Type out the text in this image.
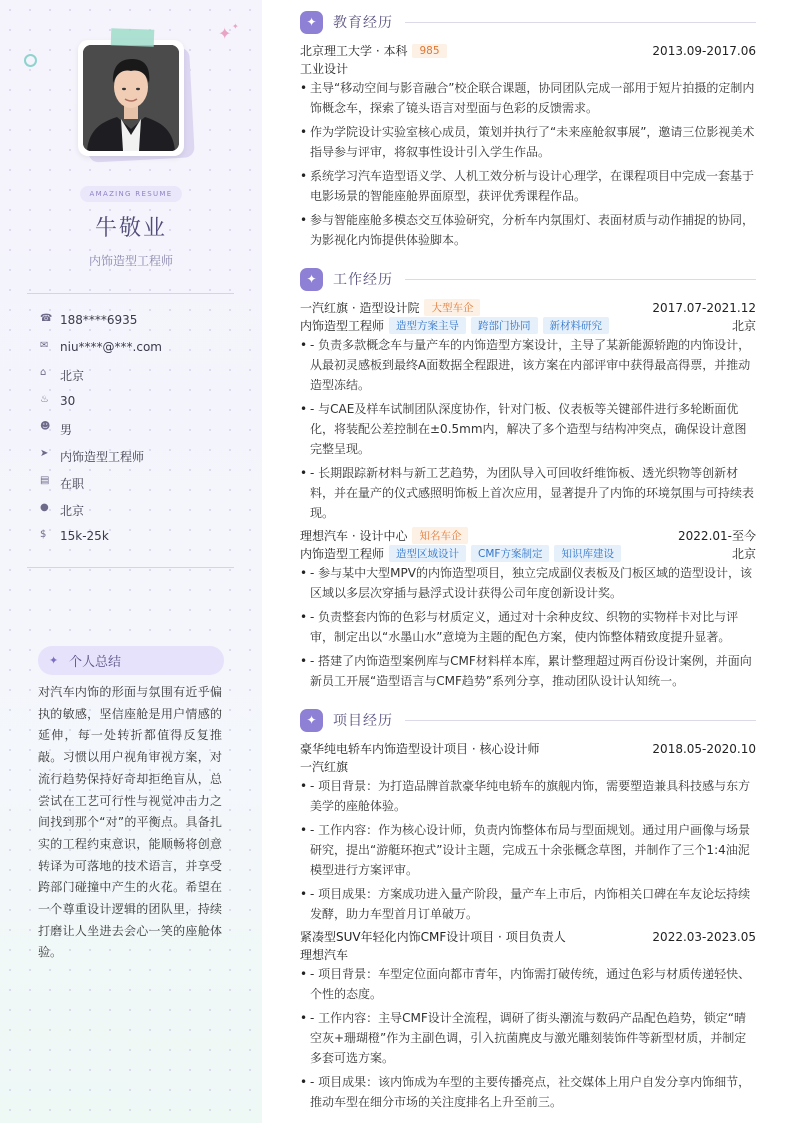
✦ ✦
AMAZING RESUME
牛敬业
内饰造型工程师
☎ 188****6935
✉ niu****@***.com
⌂	北京
♨ 30
☻ 男
➤ 内饰造型工程师
▤ 在职
● 北京
$	15k-25k
✦ 个人总结

对汽车内饰的形面与氛围有近乎偏执的敏感，坚信座舱是用户情感的延伸，每一处转折都值得反复推敲。习惯以用户视角审视方案，对流行趋势保持好奇却拒绝盲从，总尝试在工艺可行性与视觉冲击力之间找到那个“对”的平衡点。具备扎实的工程约束意识，能顺畅将创意转译为可落地的技术语言，并享受跨部门碰撞中产生的火花。希望在一个尊重设计逻辑的团队里，持续打磨让人坐进去会心一笑的座舱体验。

✦	教育经历
北京理工大学 · 本科	985	2013.09-2017.06
工业设计
• 主导“移动空间与影音融合”校企联合课题，协同团队完成一部用于短片拍摄的定制内饰概念车，探索了镜头语言对型面与色彩的反馈需求。
• 作为学院设计实验室核心成员，策划并执行了“未来座舱叙事展”，邀请三位影视美术指导参与评审，将叙事性设计引入学生作品。
• 系统学习汽车造型语义学、人机工效分析与设计心理学，在课程项目中完成一套基于电影场景的智能座舱界面原型，获评优秀课程作品。
• 参与智能座舱多模态交互体验研究，分析车内氛围灯、表面材质与动作捕捉的协同，为影视化内饰提供体验脚本。
✦	工作经历
一汽红旗 · 造型设计院	大型车企	2017.07-2021.12
内饰造型工程师	造型方案主导	跨部门协同	新材料研究	北京
• - 负责多款概念车与量产车的内饰造型方案设计，主导了某新能源轿跑的内饰设计，从最初灵感板到最终A面数据全程跟进，该方案在内部评审中获得最高得票，并推动造型冻结。
• - 与CAE及样车试制团队深度协作，针对门板、仪表板等关键部件进行多轮断面优化，将装配公差控制在±0.5mm内，解决了多个造型与结构冲突点，确保设计意图完整呈现。
• - 长期跟踪新材料与新工艺趋势，为团队导入可回收纤维饰板、透光织物等创新材料，并在量产的仪式感照明饰板上首次应用，显著提升了内饰的环境氛围与可持续表现。
理想汽车 · 设计中心	知名车企	2022.01-至今
内饰造型工程师	造型区域设计	CMF方案制定	知识库建设	北京
• - 参与某中大型MPV的内饰造型项目，独立完成副仪表板及门板区域的造型设计，该区域以多层次穿插与悬浮式设计获得公司年度创新设计奖。
• - 负责整套内饰的色彩与材质定义，通过对十余种皮纹、织物的实物样卡对比与评审，制定出以“水墨山水”意境为主题的配色方案，使内饰整体精致度提升显著。
• - 搭建了内饰造型案例库与CMF材料样本库，累计整理超过两百份设计案例，并面向新员工开展“造型语言与CMF趋势”系列分享，推动团队设计认知统一。
✦	项目经历
豪华纯电轿车内饰造型设计项目 · 核心设计师	2018.05-2020.10
一汽红旗
• - 项目背景：为打造品牌首款豪华纯电轿车的旗舰内饰，需要塑造兼具科技感与东方美学的座舱体验。
• - 工作内容：作为核心设计师，负责内饰整体布局与型面规划。通过用户画像与场景研究，提出“游艇环抱式”设计主题，完成五十余张概念草图，并制作了三个1:4油泥模型进行方案评审。
• - 项目成果：方案成功进入量产阶段，量产车上市后，内饰相关口碑在车友论坛持续发酵，助力车型首月订单破万。
紧凑型SUV年轻化内饰CMF设计项目 · 项目负责人	2022.03-2023.05
理想汽车
• - 项目背景：车型定位面向都市青年，内饰需打破传统，通过色彩与材质传递轻快、个性的态度。
• - 工作内容：主导CMF设计全流程，调研了街头潮流与数码产品配色趋势，锁定“晴空灰+珊瑚橙”作为主副色调，引入抗菌麂皮与激光雕刻装饰件等新型材质，并制定多套可选方案。
• - 项目成果：该内饰成为车型的主要传播亮点，社交媒体上用户自发分享内饰细节，推动车型在细分市场的关注度排名上升至前三。
